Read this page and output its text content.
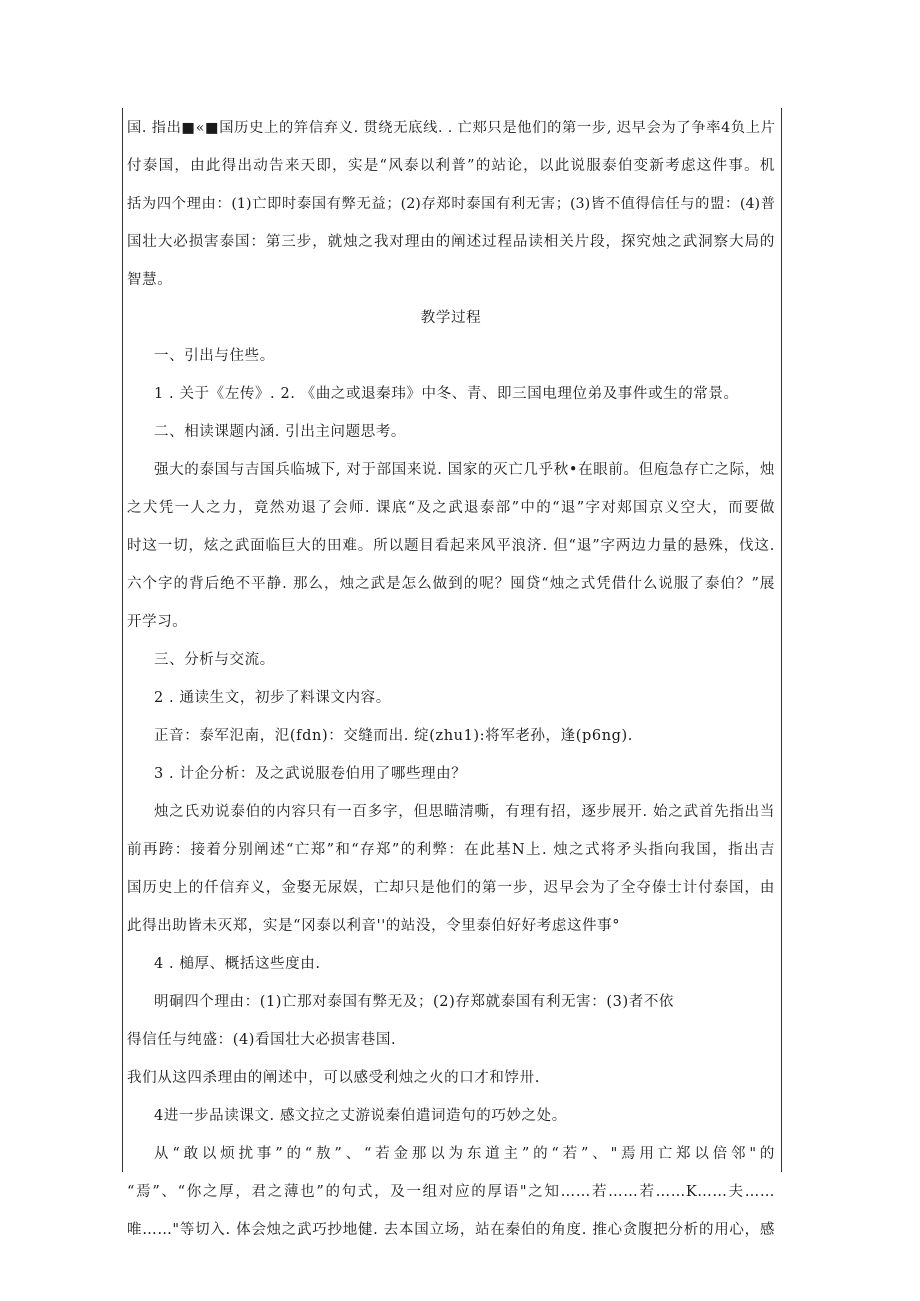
国. 指出■«■国历史上的笄信弃义. 贯绕无底线. . 亡郏只是他们的第一步, 迟早会为了争率4负上片
付泰国，由此得出动告来天即，实是“风泰以利普”的站论，以此说服泰伯变新考虑这件事。机
括为四个理由：(1)亡即时泰国有弊无益；(2)存郑时泰国有利无害；(3)皆不值得信任与的盟：(4)普
国壮大必损害泰国：第三步，就烛之我对理由的阐述过程品读相关片段，探究烛之武洞察大局的
智慧。
教学过程
一、引出与住些。
1 . 关于《左传》. 2. 《曲之或退秦玮》中冬、青、即三国电理位弟及事件或生的常景。
二、相读课题内涵. 引出主问题思考。
强大的泰国与吉国兵临城下, 对于部国来说. 国家的灭亡几乎秋•在眼前。但庖急存亡之际，烛
之犬凭一人之力，竟然劝退了会师. 课底“及之武退泰部”中的“退”字对郏国京义空大，而要做
时这一切，炫之武面临巨大的田难。所以题目看起来风平浪济. 但“退”字两边力量的悬殊，伐这.
六个字的背后绝不平静. 那么，烛之武是怎么做到的呢？囤贷“烛之式凭借什么说服了泰伯？”展
开学习。
三、分析与交流。
2 . 通读生文，初步了料课文内容。
正音：泰军氾南，氾(fdn)：交缝而出. 绽(zhu1):将军老孙，逢(p6ng).
3 . 计企分析：及之武说服卷伯用了哪些理由？
烛之氏劝说泰伯的内容只有一百多字，但思瞄清嘶，有理有招，逐步展开. 始之武首先指出当
前再跨：接着分别阐述“亡郑”和“存郑”的利弊：在此基N上. 烛之式将矛头指向我国，指出吉
国历史上的仟信弃义，金娶无尿娱，亡却只是他们的第一步，迟早会为了全夺傣士计付泰国，由
此得出助皆未灭郑，实是“冈泰以利音''的站没，令里泰伯好好考虑这件事°
4 . 槌厚、概括这些度由.
明硐四个理由：(1)亡那对泰国有弊无及；(2)存郑就泰国有利无害：(3)者不依
得信任与纯盛：(4)看国壮大必损害巷国.
我们从这四杀理由的阐述中，可以感受利烛之火的口才和饽卅.
4进一步品读课文. 感文拉之丈游说秦伯遣词造句的巧妙之处。
从“敢以烦扰事”的“敖”、“若金那以为东道主”的“若”、"焉用亡郑以倍邻"的
“焉”、“你之厚，君之薄也”的句式，及一组对应的厚语"之知……若……若……K……夫……
唯……"等切入. 体会烛之武巧抄地健. 去本国立场，站在秦伯的角度. 推心贪腹把分析的用心，感
